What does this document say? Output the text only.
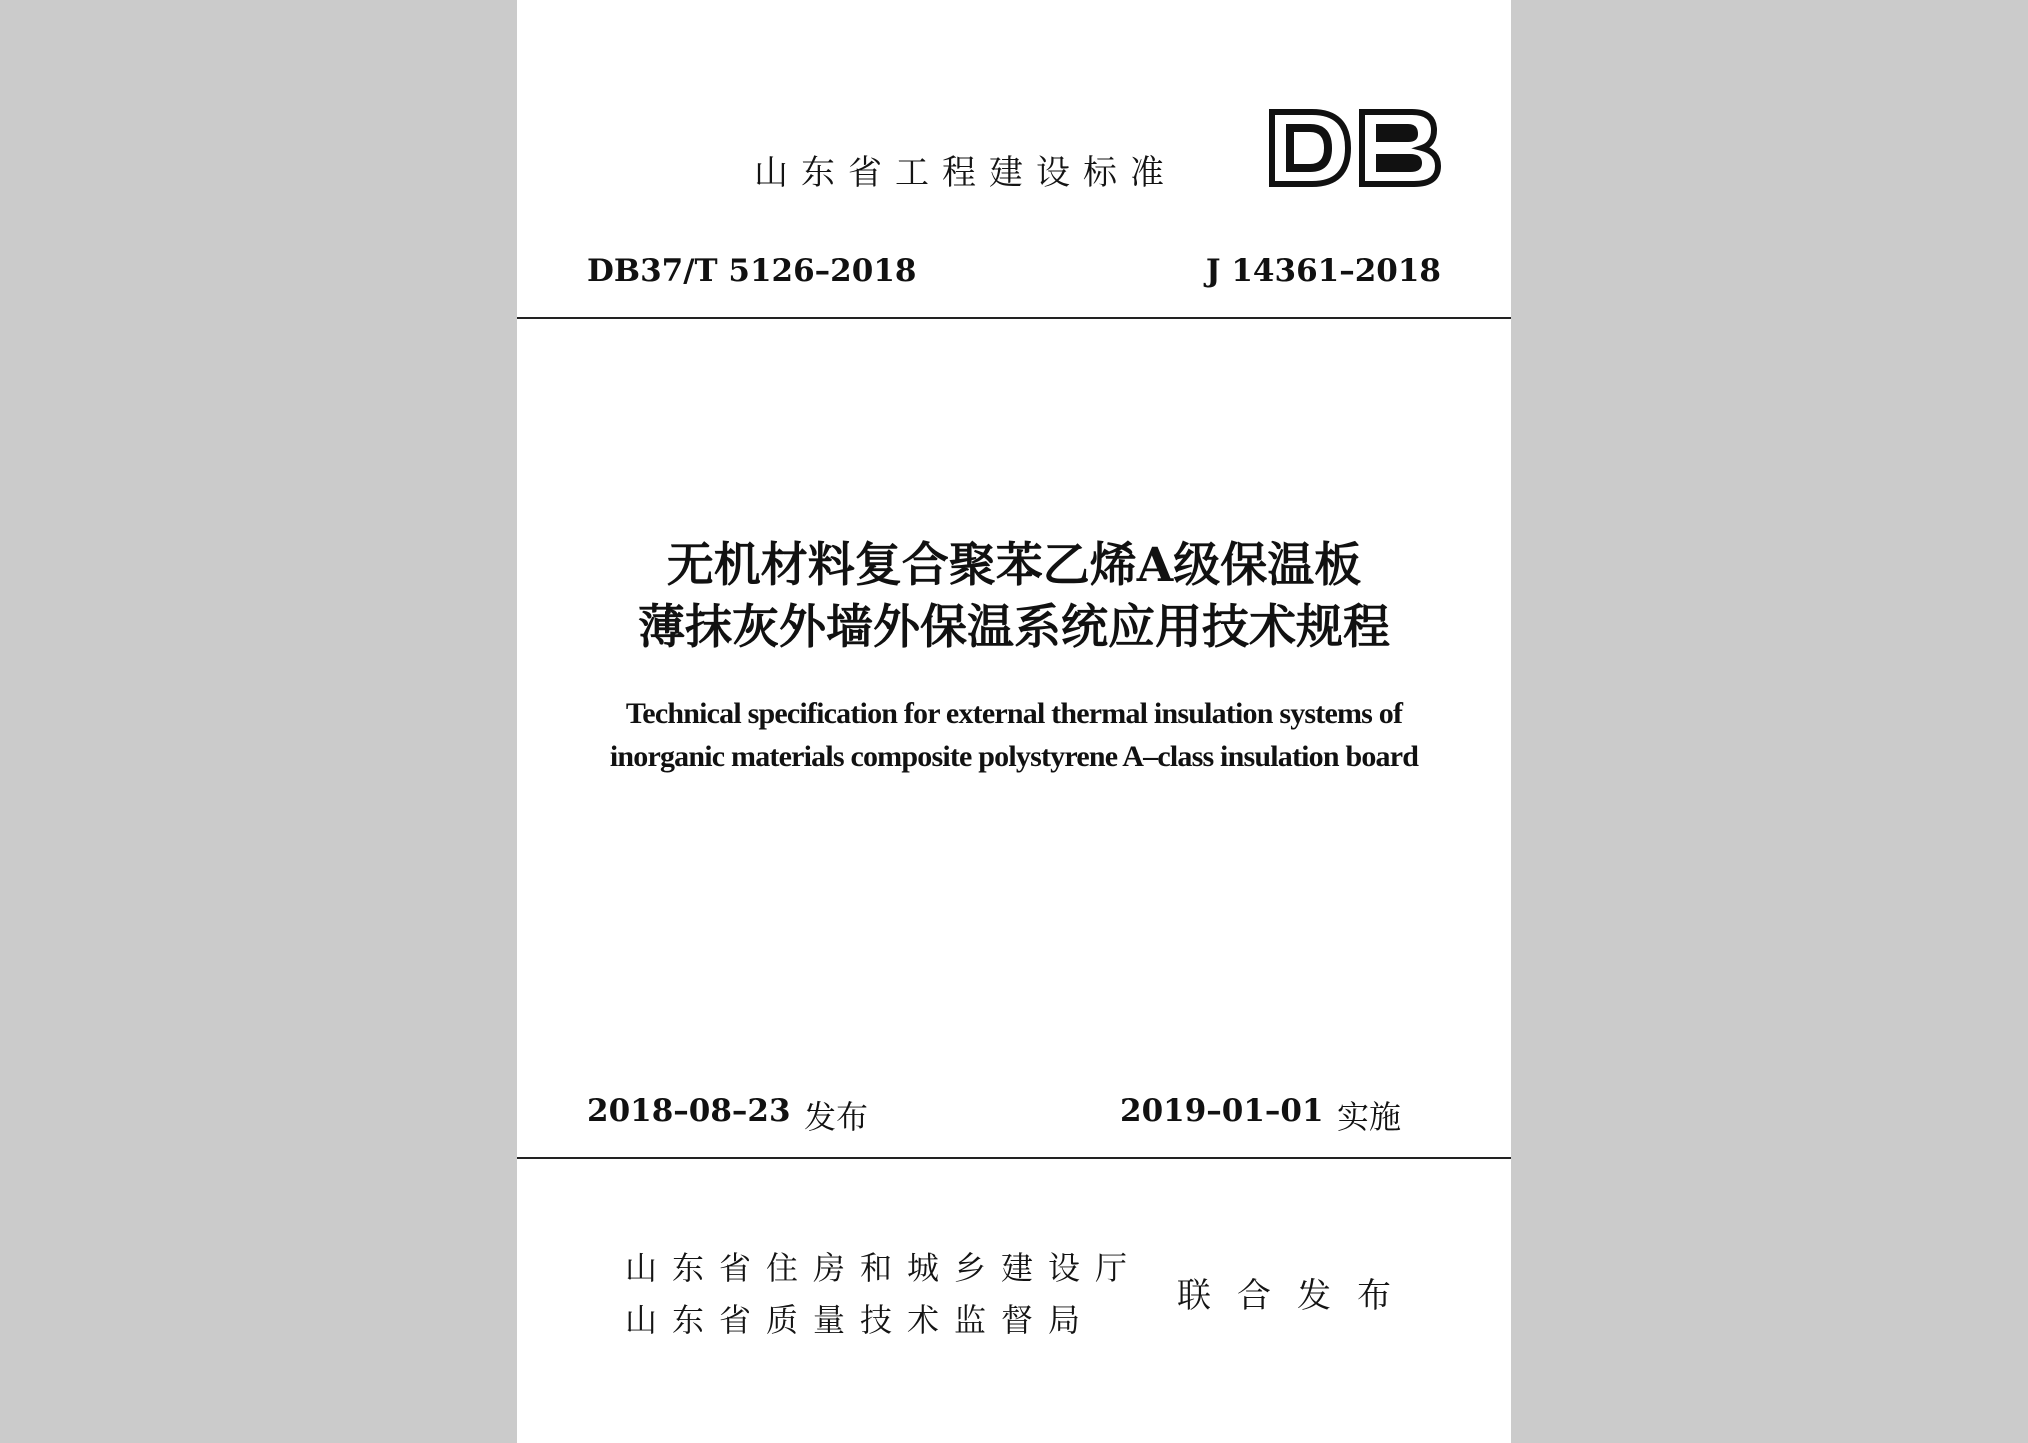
山东省工程建设标准
DB37/T 5126–2018	J 14361–2018
无机材料复合聚苯乙烯A级保温板
薄抹灰外墙外保温系统应用技术规程
Technical specification for external thermal insulation systems of
inorganic materials composite polystyrene A–class insulation board
2018–08–23 发布	2019–01–01 实施
山东省住房和城乡建设厅
山东省质量技术监督局
联合发布
